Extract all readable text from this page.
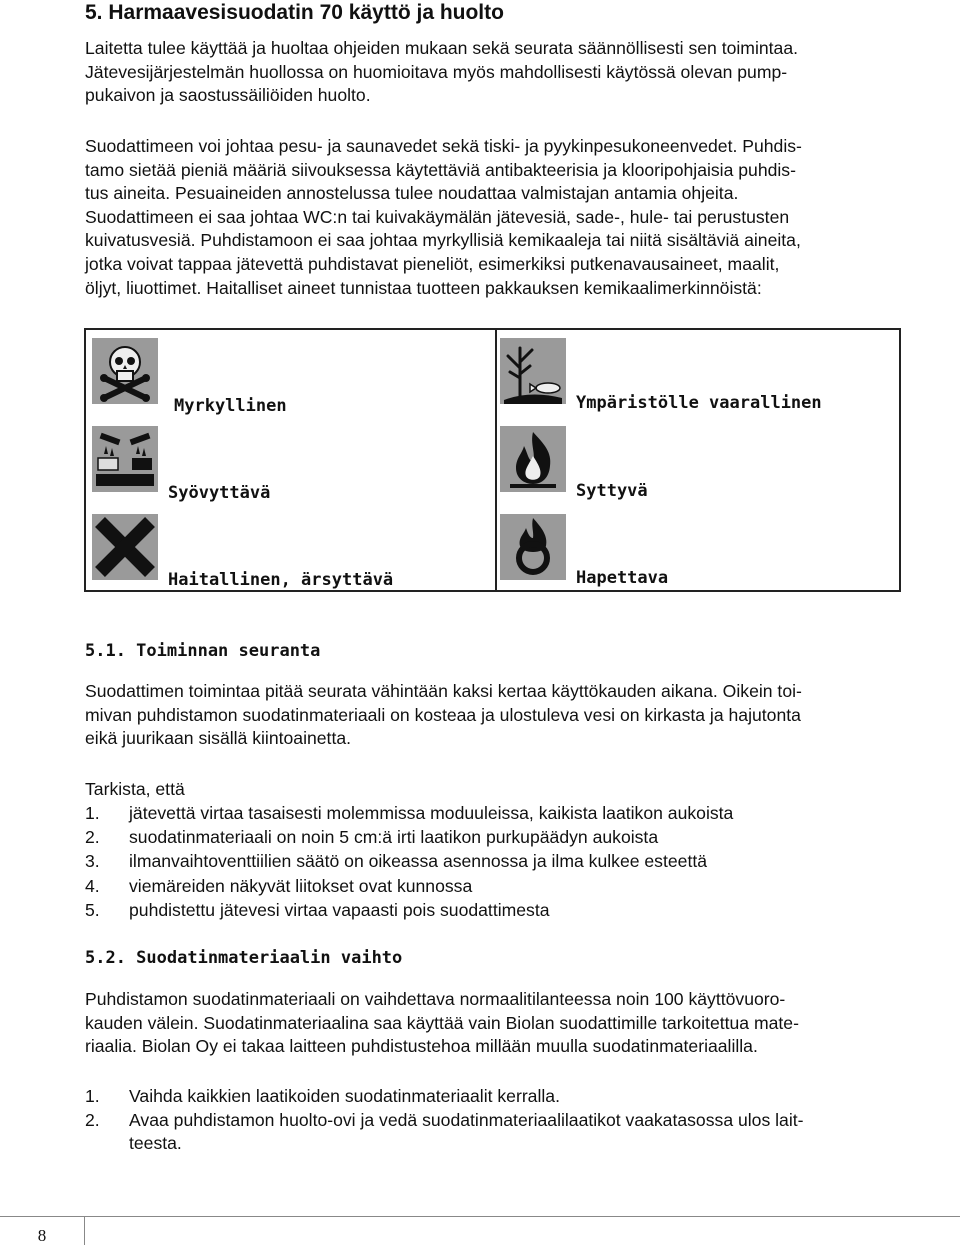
5. Harmaavesisuodatin 70 käyttö ja huolto

Laitetta tulee käyttää ja huoltaa ohjeiden mukaan sekä seurata säännöllisesti sen toimintaa.

Jätevesijärjestelmän huollossa on huomioitava myös mahdollisesti käytössä olevan pump-

pukaivon ja saostussäiliöiden huolto.

Suodattimeen voi johtaa pesu- ja saunavedet sekä tiski- ja pyykinpesukoneenvedet. Puhdis-

tamo sietää pieniä määriä siivouksessa käytettäviä antibakteerisia ja klooripohjaisia puhdis-

tus aineita. Pesuaineiden annostelussa tulee noudattaa valmistajan antamia ohjeita.

Suodattimeen ei saa johtaa WC:n tai kuivakäymälän jätevesiä, sade-, hule- tai perustusten

kuivatusvesiä. Puhdistamoon ei saa johtaa myrkyllisiä kemikaaleja tai niitä sisältäviä aineita,

jotka voivat tappaa jätevettä puhdistavat pieneliöt, esimerkiksi putkenavausaineet, maalit,

öljyt, liuottimet. Haitalliset aineet tunnistaa tuotteen pakkauksen kemikaalimerkinnöistä:

Myrkyllinen
Syövyttävä
Haitallinen, ärsyttävä
Ympäristölle vaarallinen
Syttyvä
Hapettava
5.1. Toiminnan seuranta

Suodattimen toimintaa pitää seurata vähintään kaksi kertaa käyttökauden aikana. Oikein toi-

mivan puhdistamon suodatinmateriaali on kosteaa ja ulostuleva vesi on kirkasta ja hajutonta

eikä juurikaan sisällä kiintoainetta.

Tarkista, että
1. jätevettä virtaa tasaisesti molemmissa moduuleissa, kaikista laatikon aukoista
2. suodatinmateriaali on noin 5 cm:ä irti laatikon purkupäädyn aukoista
3. ilmanvaihtoventtiilien säätö on oikeassa asennossa ja ilma kulkee esteettä
4. viemäreiden näkyvät liitokset ovat kunnossa
5. puhdistettu jätevesi virtaa vapaasti pois suodattimesta
5.2. Suodatinmateriaalin vaihto

Puhdistamon suodatinmateriaali on vaihdettava normaalitilanteessa noin 100 käyttövuoro-

kauden välein. Suodatinmateriaalina saa käyttää vain Biolan suodattimille tarkoitettua mate-

riaalia. Biolan Oy ei takaa laitteen puhdistustehoa millään muulla suodatinmateriaalilla.

1. Vaihda kaikkien laatikoiden suodatinmateriaalit kerralla.
2. Avaa puhdistamon huolto-ovi ja vedä suodatinmateriaalilaatikot vaakatasossa ulos lait-
teesta.
8
